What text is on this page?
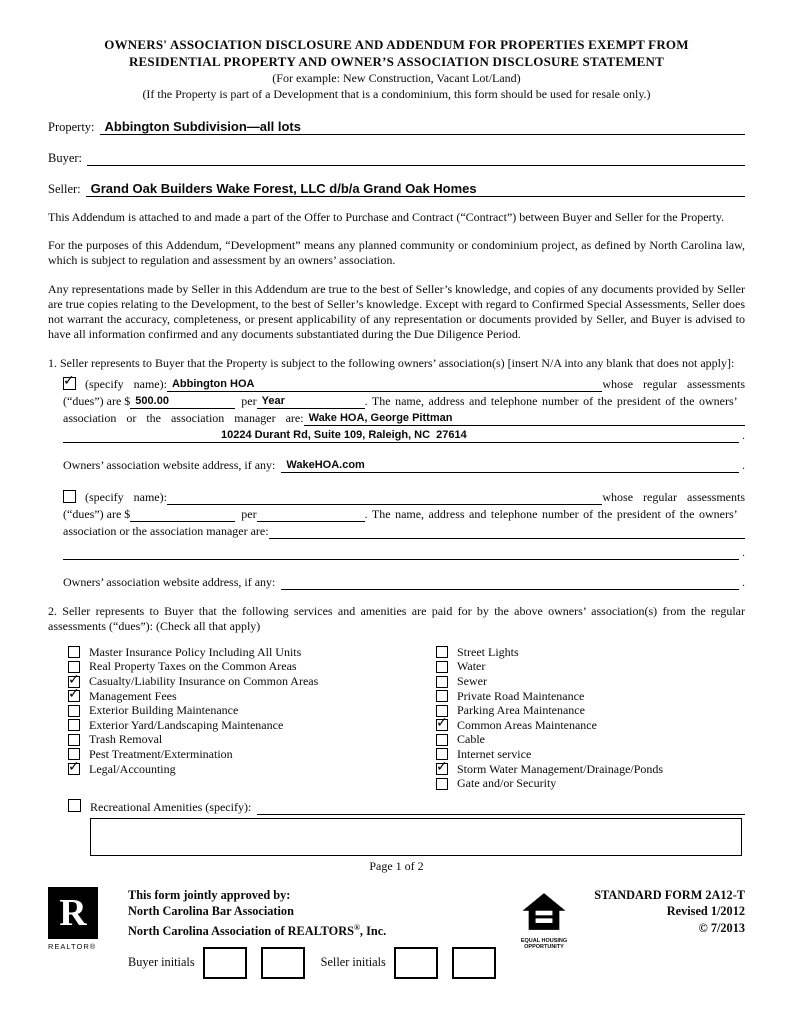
OWNERS' ASSOCIATION DISCLOSURE AND ADDENDUM FOR PROPERTIES EXEMPT FROM
RESIDENTIAL PROPERTY AND OWNER’S ASSOCIATION DISCLOSURE STATEMENT
(For example: New Construction, Vacant Lot/Land)
(If the Property is part of a Development that is a condominium, this form should be used for resale only.)
Property: Abbington Subdivision—all lots
Buyer:
Seller: Grand Oak Builders Wake Forest, LLC d/b/a Grand Oak Homes

This Addendum is attached to and made a part of the Offer to Purchase and Contract (“Contract”) between Buyer and Seller for the Property.

For the purposes of this Addendum, “Development” means any planned community or condominium project, as defined by North Carolina law, which is subject to regulation and assessment by an owners’ association.

Any representations made by Seller in this Addendum are true to the best of Seller’s knowledge, and copies of any documents provided by Seller are true copies relating to the Development, to the best of Seller’s knowledge. Except with regard to Confirmed Special Assessments, Seller does not warrant the accuracy, completeness, or present applicability of any representation or documents provided by Seller, and Buyer is advised to have all information confirmed and any documents substantiated during the Due Diligence Period.

1. Seller represents to Buyer that the Property is subject to the following owners’ association(s) [insert N/A into any blank that does not apply]:
✓
(specify name): Abbington HOA	whose regular assessments
(“dues”) are $ 500.00	per Year	. The name, address and telephone number of the president of the owners’
association or the association manager are: Wake HOA, George Pittman
10224 Durant Rd, Suite 109, Raleigh, NC  27614	.
Owners’ association website address, if any:	WakeHOA.com	.
(specify name):	whose regular assessments
(“dues”) are $	per	. The name, address and telephone number of the president of the owners’
association or the association manager are:
.
Owners’ association website address, if any:	.
2. Seller represents to Buyer that the following services and amenities are paid for by the above owners’ association(s) from the regular assessments (“dues”): (Check all that apply)
Master Insurance Policy Including All Units
Real Property Taxes on the Common Areas
✓
Casualty/Liability Insurance on Common Areas
✓
Management Fees
Exterior Building Maintenance
Exterior Yard/Landscaping Maintenance
Trash Removal
Pest Treatment/Extermination
✓
Legal/Accounting
Street Lights
Water
Sewer
Private Road Maintenance
Parking Area Maintenance
✓
Common Areas Maintenance
Cable
Internet service
✓
Storm Water Management/Drainage/Ponds
Gate and/or Security
Recreational Amenities (specify):
Page 1 of 2
R
REALTOR®
This form jointly approved by:
North Carolina Bar Association
North Carolina Association of REALTORS®, Inc.
Buyer initials	Seller initials
EQUAL HOUSING
OPPORTUNITY
STANDARD FORM 2A12-T
Revised 1/2012
© 7/2013
